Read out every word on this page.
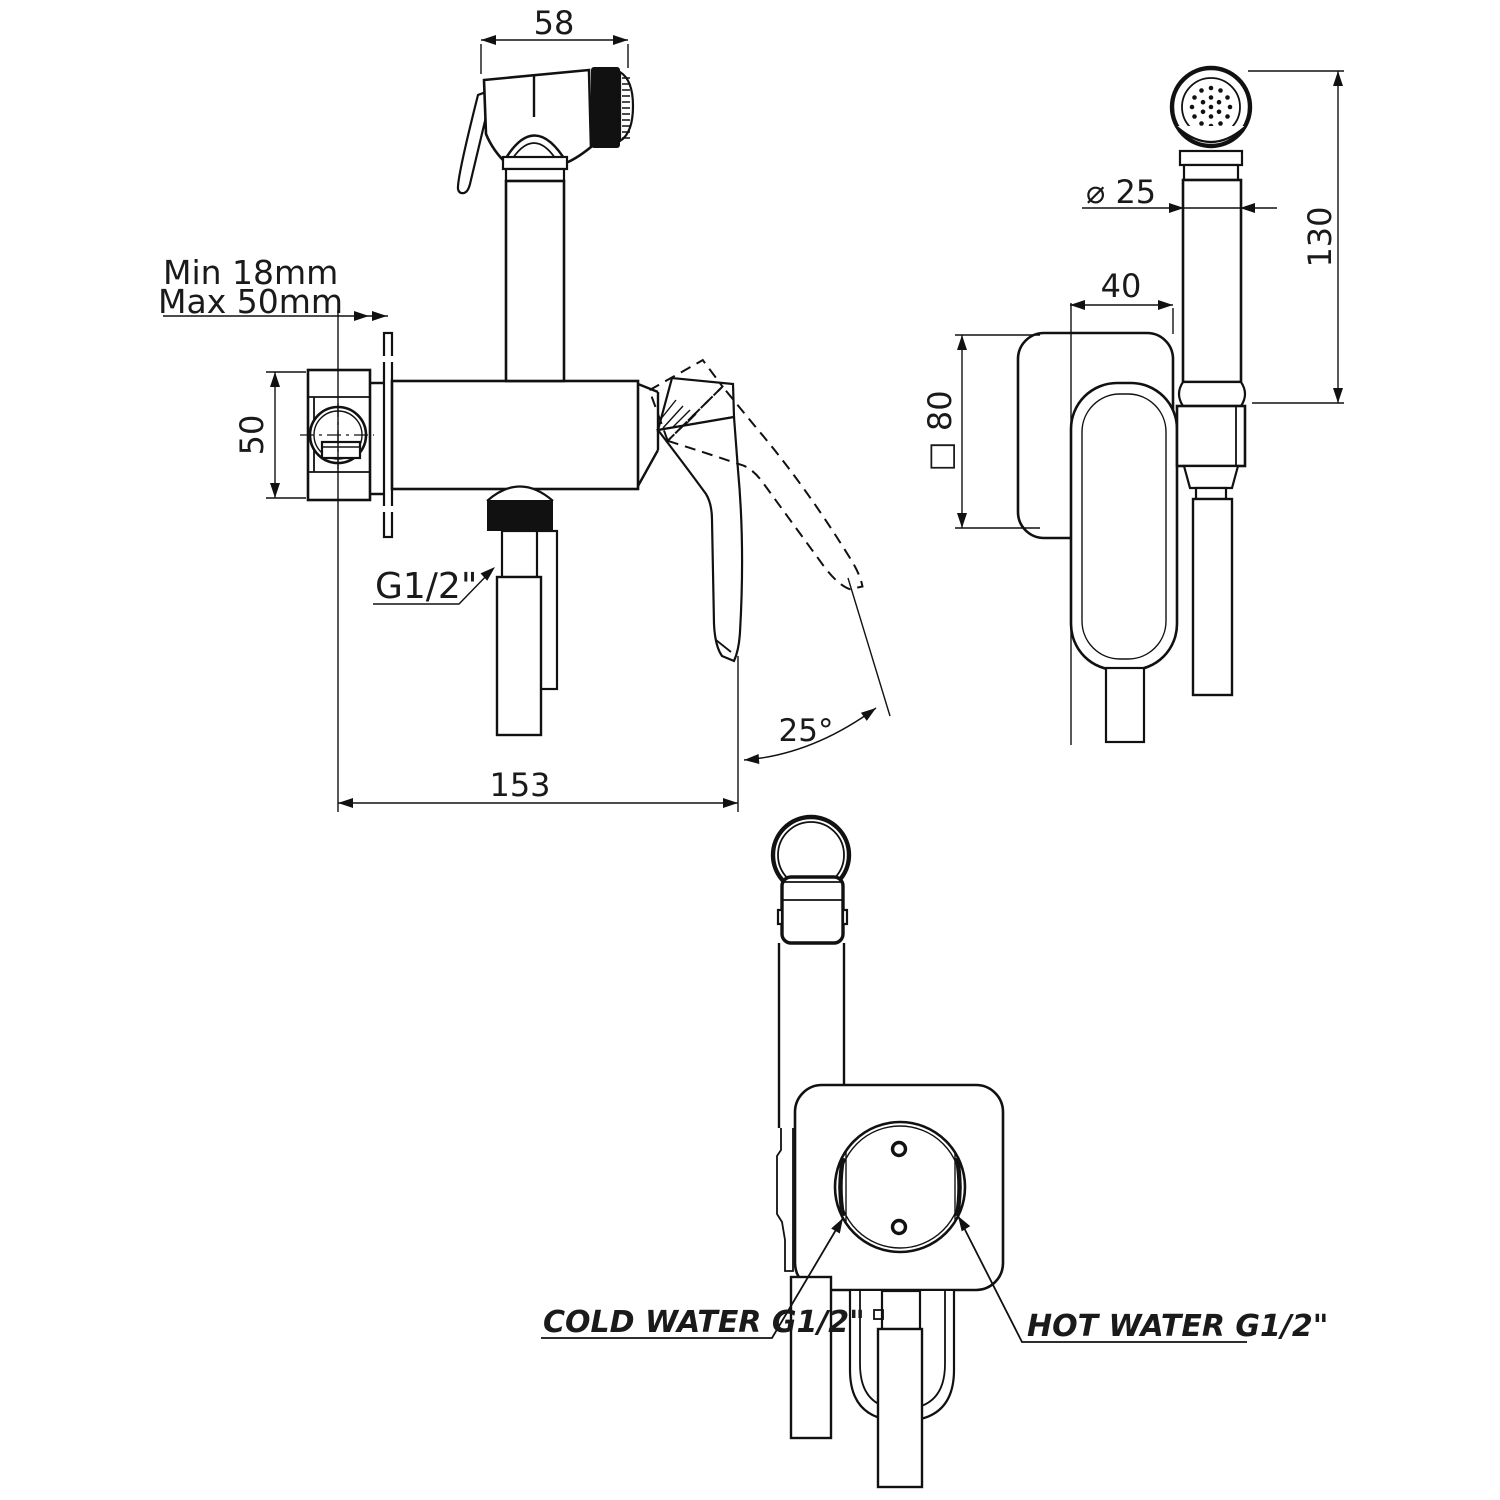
58
Min 18mm
Max 50mm
50
G1/2"
153
25°
⌀ 25
130
40
□ 80
COLD WATER G1/2"	HOT WATER G1/2"
